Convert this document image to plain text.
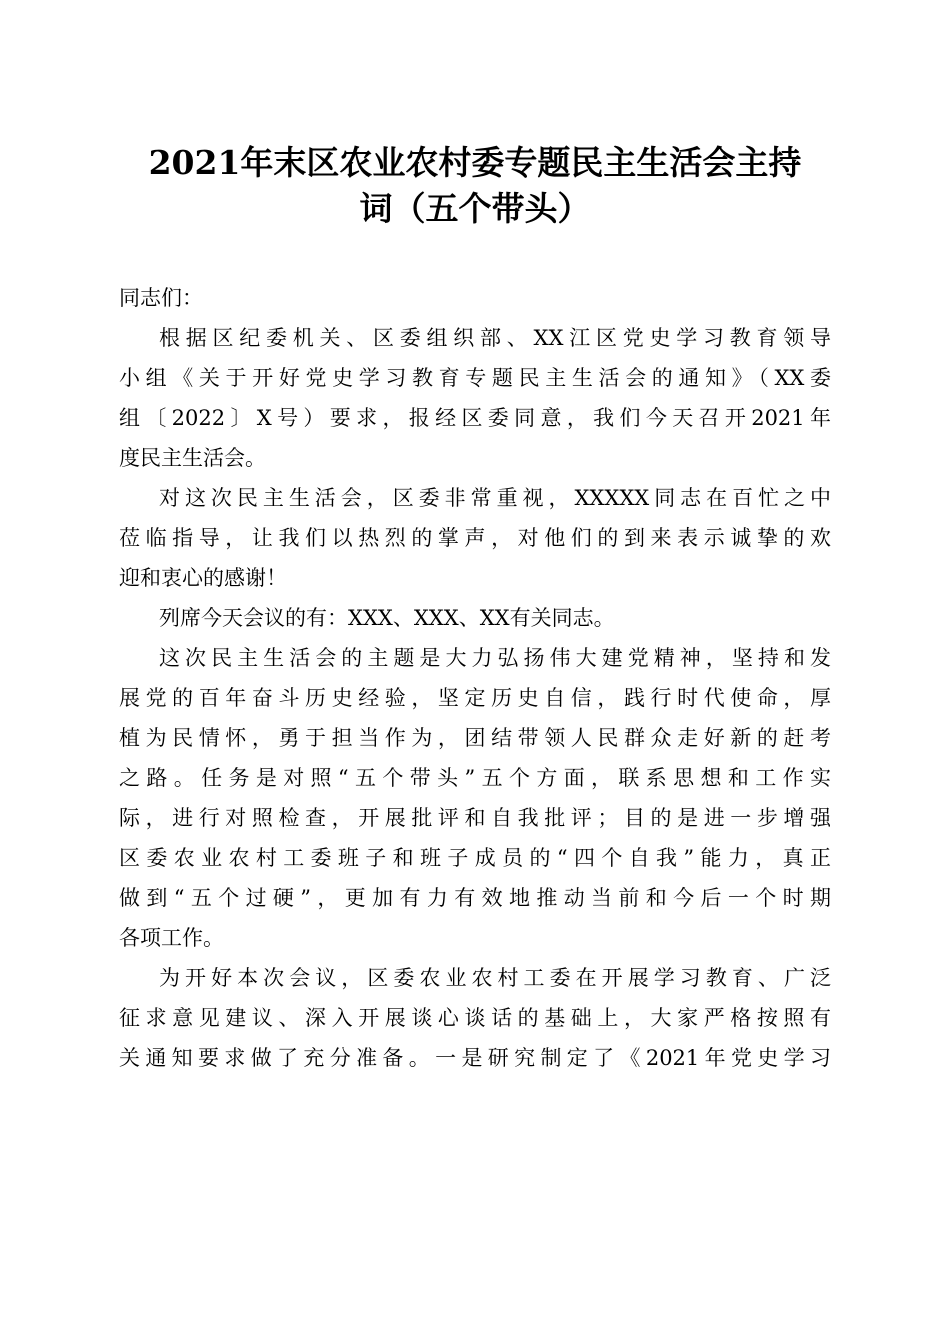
2021年末区农业农村委专题民主生活会主持
词（五个带头）
同志们：
根据区纪委机关、区委组织部、XX江区党史学习教育领导
小组《关于开好党史学习教育专题民主生活会的通知》（XX委
组〔2022〕X号）要求，报经区委同意，我们今天召开2021年
度民主生活会。
对这次民主生活会，区委非常重视，XXXXX同志在百忙之中
莅临指导，让我们以热烈的掌声，对他们的到来表示诚挚的欢
迎和衷心的感谢！
列席今天会议的有：XXX、XXX、XX有关同志。
这次民主生活会的主题是大力弘扬伟大建党精神，坚持和发
展党的百年奋斗历史经验，坚定历史自信，践行时代使命，厚
植为民情怀，勇于担当作为，团结带领人民群众走好新的赶考
之路。任务是对照“五个带头”五个方面，联系思想和工作实
际，进行对照检查，开展批评和自我批评；目的是进一步增强
区委农业农村工委班子和班子成员的“四个自我”能力，真正
做到“五个过硬”，更加有力有效地推动当前和今后一个时期
各项工作。
为开好本次会议，区委农业农村工委在开展学习教育、广泛
征求意见建议、深入开展谈心谈话的基础上，大家严格按照有
关通知要求做了充分准备。一是研究制定了《2021年党史学习
